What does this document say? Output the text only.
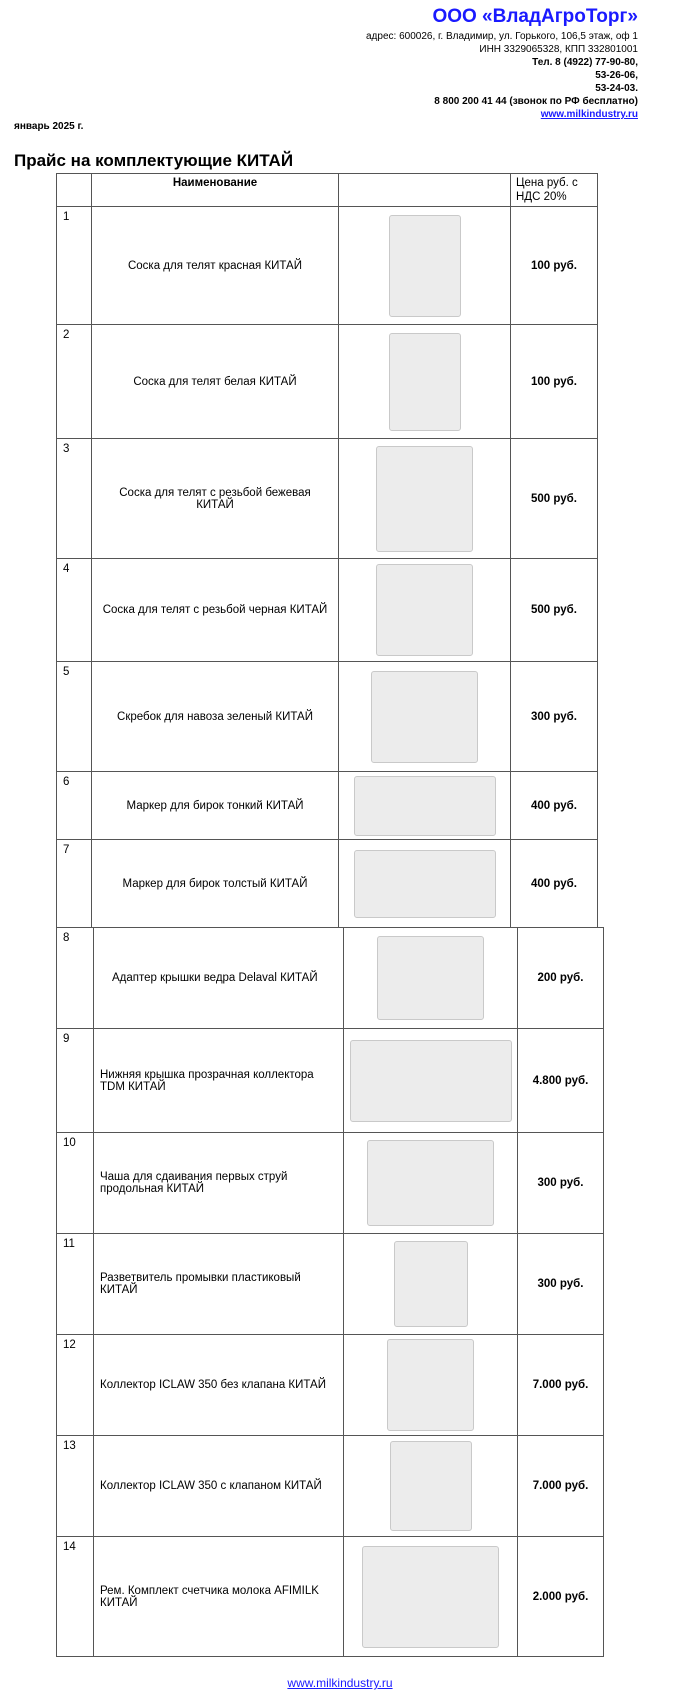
ООО «ВладАгроТорг»
адрес: 600026, г. Владимир, ул. Горького, 106,5 этаж, оф 1
ИНН 3329065328, КПП 332801001
Тел. 8 (4922) 77-90-80,
53-26-06,
53-24-03.
8 800 200 41 44 (звонок по РФ бесплатно)
www.milkindustry.ru
январь 2025 г.
Прайс на комплектующие КИТАЙ

	Наименование		Цена руб. с
НДС 20%

1	Соска для телят красная КИТАЙ		100 руб.
2	Соска для телят белая КИТАЙ		100 руб.
3	Соска для телят с резьбой бежевая КИТАЙ		500 руб.
4	Соска для телят с резьбой черная КИТАЙ		500 руб.
5	Скребок для навоза зеленый КИТАЙ		300 руб.
6	Маркер для бирок тонкий КИТАЙ		400 руб.
7	Маркер для бирок толстый КИТАЙ		400 руб.
8	Адаптер крышки ведра Delaval КИТАЙ		200 руб.
9	Нижняя крышка прозрачная коллектора TDM КИТАЙ		4.800 руб.
10	Чаша для сдаивания первых струй продольная КИТАЙ		300 руб.
11	Разветвитель промывки пластиковый КИТАЙ		300 руб.
12	Коллектор ICLAW 350 без клапана КИТАЙ		7.000 руб.
13	Коллектор ICLAW 350 с клапаном КИТАЙ		7.000 руб.
14	Рем. Комплект счетчика молока AFIMILK КИТАЙ		2.000 руб.
www.milkindustry.ru
